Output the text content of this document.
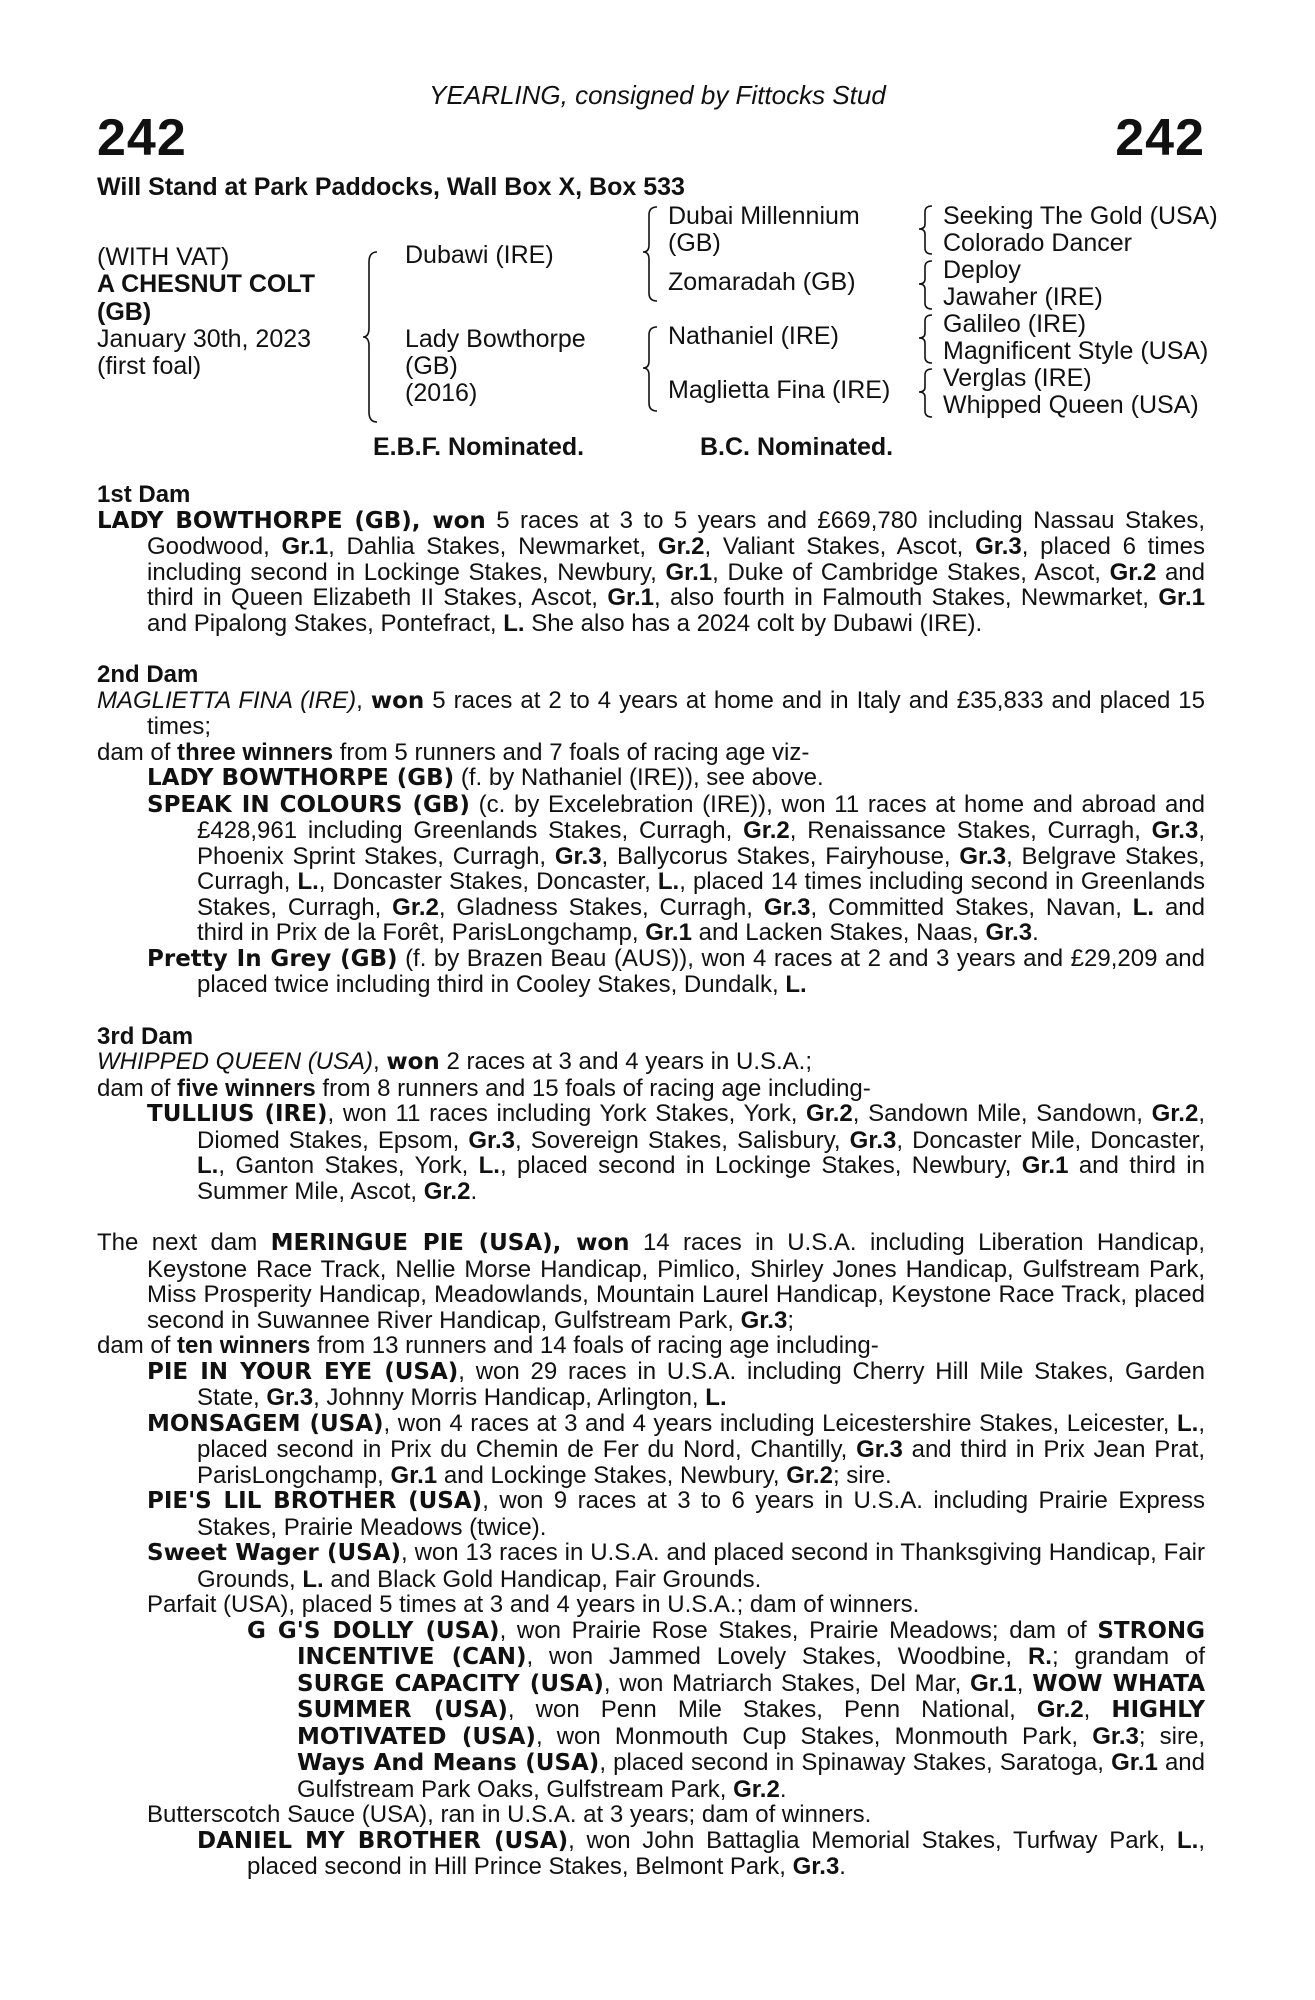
YEARLING, consigned by Fittocks Stud
242	242
Will Stand at Park Paddocks, Wall Box X, Box 533
(WITH VAT)
A CHESNUT COLT
(GB)
January 30th, 2023
(first foal)
Dubawi (IRE)
Lady Bowthorpe
(GB)
(2016)
Dubai Millennium
(GB)
Zomaradah (GB)
Nathaniel (IRE)
Maglietta Fina (IRE)
Seeking The Gold (USA)
Colorado Dancer
Deploy
Jawaher (IRE)
Galileo (IRE)
Magnificent Style (USA)
Verglas (IRE)
Whipped Queen (USA)
E.B.F. Nominated.	B.C. Nominated.
1st Dam
LADY BOWTHORPE (GB), won 5 races at 3 to 5 years and £669,780 including Nassau Stakes, Goodwood, Gr.1, Dahlia Stakes, Newmarket, Gr.2, Valiant Stakes, Ascot, Gr.3, placed 6 times including second in Lockinge Stakes, Newbury, Gr.1, Duke of Cambridge Stakes, Ascot, Gr.2 and third in Queen Elizabeth II Stakes, Ascot, Gr.1, also fourth in Falmouth Stakes, Newmarket, Gr.1 and Pipalong Stakes, Pontefract, L. She also has a 2024 colt by Dubawi (IRE).
2nd Dam
MAGLIETTA FINA (IRE), won 5 races at 2 to 4 years at home and in Italy and £35,833 and placed 15 times;
dam of three winners from 5 runners and 7 foals of racing age viz-
LADY BOWTHORPE (GB) (f. by Nathaniel (IRE)), see above.
SPEAK IN COLOURS (GB) (c. by Excelebration (IRE)), won 11 races at home and abroad and £428,961 including Greenlands Stakes, Curragh, Gr.2, Renaissance Stakes, Curragh, Gr.3, Phoenix Sprint Stakes, Curragh, Gr.3, Ballycorus Stakes, Fairyhouse, Gr.3, Belgrave Stakes, Curragh, L., Doncaster Stakes, Doncaster, L., placed 14 times including second in Greenlands Stakes, Curragh, Gr.2, Gladness Stakes, Curragh, Gr.3, Committed Stakes, Navan, L. and third in Prix de la Forêt, ParisLongchamp, Gr.1 and Lacken Stakes, Naas, Gr.3.
Pretty In Grey (GB) (f. by Brazen Beau (AUS)), won 4 races at 2 and 3 years and £29,209 and placed twice including third in Cooley Stakes, Dundalk, L.
3rd Dam
WHIPPED QUEEN (USA), won 2 races at 3 and 4 years in U.S.A.;
dam of five winners from 8 runners and 15 foals of racing age including-
TULLIUS (IRE), won 11 races including York Stakes, York, Gr.2, Sandown Mile, Sandown, Gr.2, Diomed Stakes, Epsom, Gr.3, Sovereign Stakes, Salisbury, Gr.3, Doncaster Mile, Doncaster, L., Ganton Stakes, York, L., placed second in Lockinge Stakes, Newbury, Gr.1 and third in Summer Mile, Ascot, Gr.2.
The next dam MERINGUE PIE (USA), won 14 races in U.S.A. including Liberation Handicap, Keystone Race Track, Nellie Morse Handicap, Pimlico, Shirley Jones Handicap, Gulfstream Park, Miss Prosperity Handicap, Meadowlands, Mountain Laurel Handicap, Keystone Race Track, placed second in Suwannee River Handicap, Gulfstream Park, Gr.3;
dam of ten winners from 13 runners and 14 foals of racing age including-
PIE IN YOUR EYE (USA), won 29 races in U.S.A. including Cherry Hill Mile Stakes, Garden State, Gr.3, Johnny Morris Handicap, Arlington, L.
MONSAGEM (USA), won 4 races at 3 and 4 years including Leicestershire Stakes, Leicester, L., placed second in Prix du Chemin de Fer du Nord, Chantilly, Gr.3 and third in Prix Jean Prat, ParisLongchamp, Gr.1 and Lockinge Stakes, Newbury, Gr.2; sire.
PIE'S LIL BROTHER (USA), won 9 races at 3 to 6 years in U.S.A. including Prairie Express Stakes, Prairie Meadows (twice).
Sweet Wager (USA), won 13 races in U.S.A. and placed second in Thanksgiving Handicap, Fair Grounds, L. and Black Gold Handicap, Fair Grounds.
Parfait (USA), placed 5 times at 3 and 4 years in U.S.A.; dam of winners.
G G'S DOLLY (USA), won Prairie Rose Stakes, Prairie Meadows; dam of STRONG INCENTIVE (CAN), won Jammed Lovely Stakes, Woodbine, R.; grandam of SURGE CAPACITY (USA), won Matriarch Stakes, Del Mar, Gr.1, WOW WHATA SUMMER (USA), won Penn Mile Stakes, Penn National, Gr.2, HIGHLY MOTIVATED (USA), won Monmouth Cup Stakes, Monmouth Park, Gr.3; sire, Ways And Means (USA), placed second in Spinaway Stakes, Saratoga, Gr.1 and Gulfstream Park Oaks, Gulfstream Park, Gr.2.
Butterscotch Sauce (USA), ran in U.S.A. at 3 years; dam of winners.
DANIEL MY BROTHER (USA), won John Battaglia Memorial Stakes, Turfway Park, L., placed second in Hill Prince Stakes, Belmont Park, Gr.3.
